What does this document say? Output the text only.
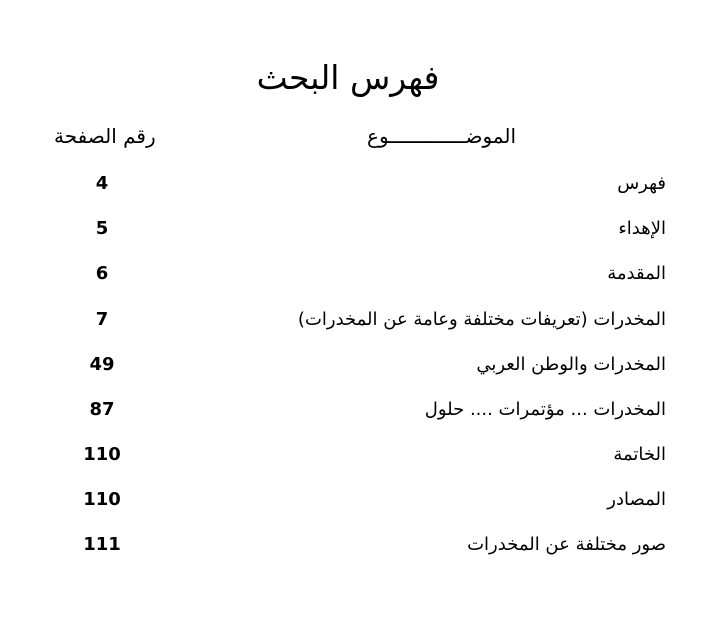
فهرس البحث
الموضـــــــــــــوع
رقم الصفحة
فهرس
4
الإهداء
5
المقدمة
6
المخدرات (تعريفات مختلفة وعامة عن المخدرات)
7
المخدرات والوطن العربي
49
المخدرات ... مؤتمرات .... حلول
87
الخاتمة
110
المصادر
110
صور مختلفة عن المخدرات
111
